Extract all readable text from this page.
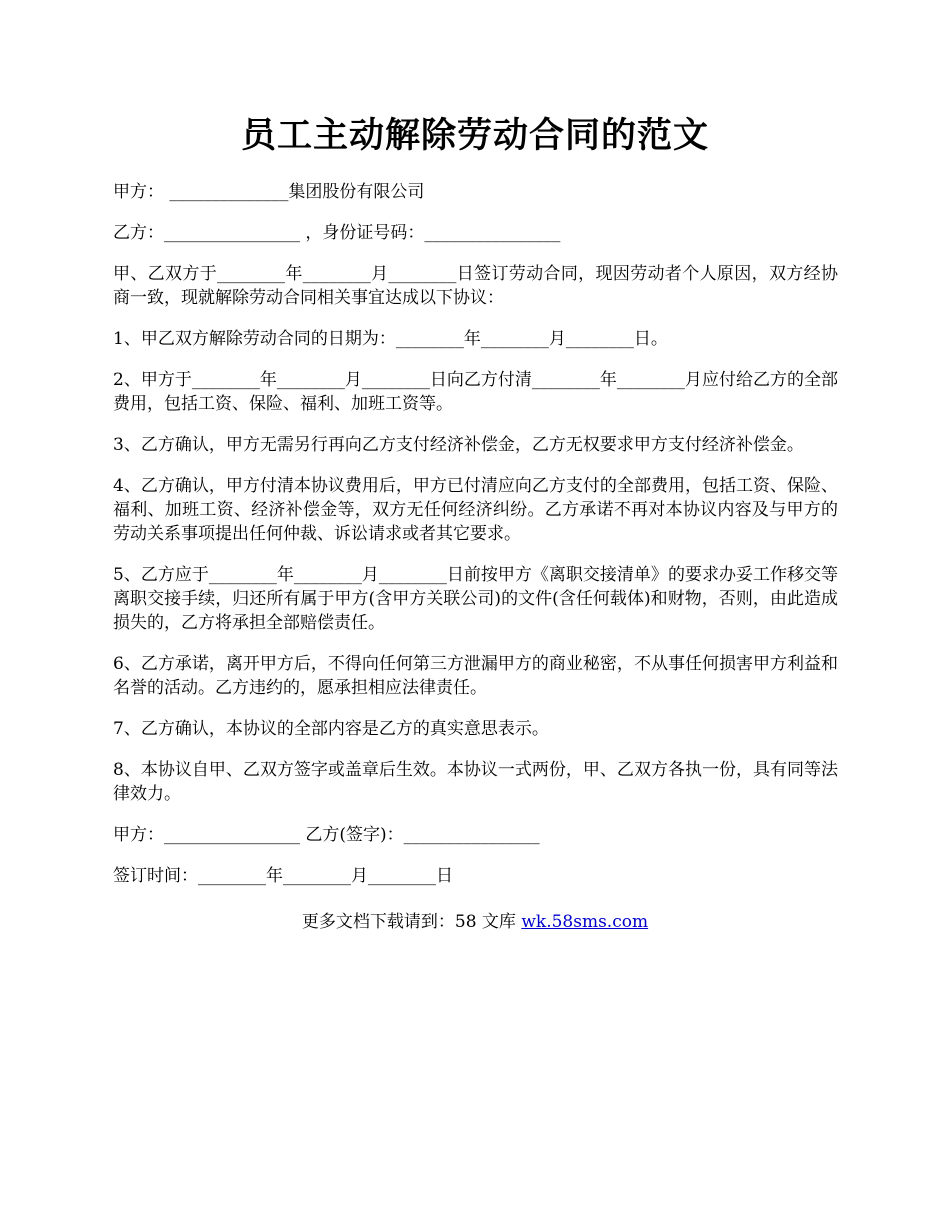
员工主动解除劳动合同的范文

甲方： ______________集团股份有限公司

乙方：________________ ，身份证号码：________________

甲、乙双方于________年________月________日签订劳动合同，现因劳动者个人原因，双方经协商一致，现就解除劳动合同相关事宜达成以下协议：

1、甲乙双方解除劳动合同的日期为：________年________月________日。

2、甲方于________年________月________日向乙方付清________年________月应付给乙方的全部费用，包括工资、保险、福利、加班工资等。

3、乙方确认，甲方无需另行再向乙方支付经济补偿金，乙方无权要求甲方支付经济补偿金。

4、乙方确认，甲方付清本协议费用后，甲方已付清应向乙方支付的全部费用，包括工资、保险、福利、加班工资、经济补偿金等，双方无任何经济纠纷。乙方承诺不再对本协议内容及与甲方的劳动关系事项提出任何仲裁、诉讼请求或者其它要求。

5、乙方应于________年________月________日前按甲方《离职交接清单》的要求办妥工作移交等离职交接手续，归还所有属于甲方(含甲方关联公司)的文件(含任何载体)和财物，否则，由此造成损失的，乙方将承担全部赔偿责任。

6、乙方承诺，离开甲方后，不得向任何第三方泄漏甲方的商业秘密，不从事任何损害甲方利益和名誉的活动。乙方违约的，愿承担相应法律责任。

7、乙方确认，本协议的全部内容是乙方的真实意思表示。

8、本协议自甲、乙双方签字或盖章后生效。本协议一式两份，甲、乙双方各执一份，具有同等法律效力。

甲方：________________ 乙方(签字)：________________

签订时间：________年________月________日

更多文档下载请到：58 文库 wk.58sms.com
